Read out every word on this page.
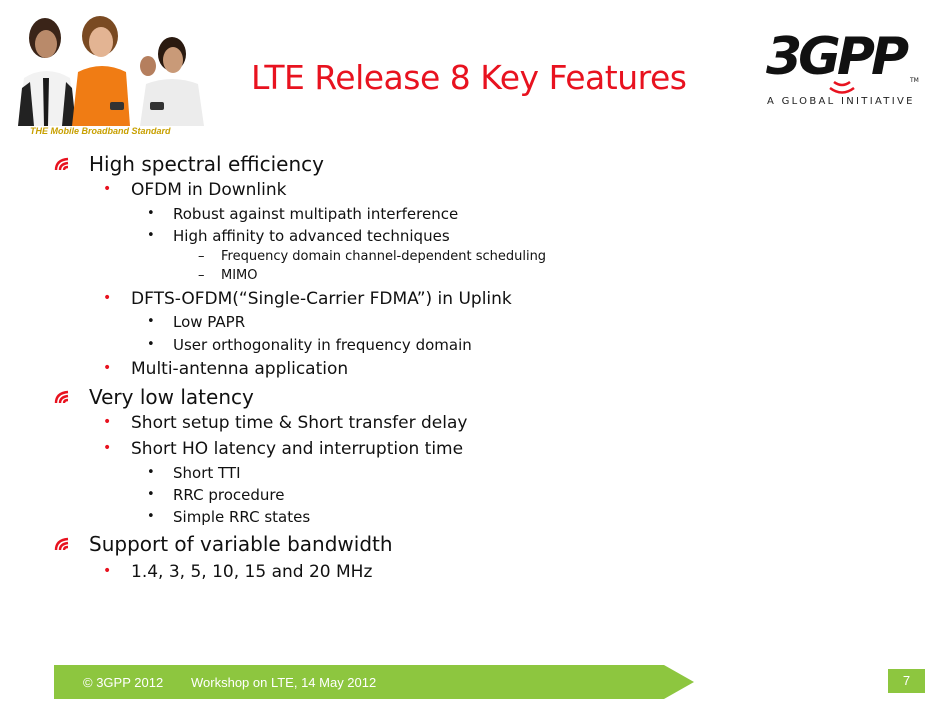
THE Mobile Broadband Standard
LTE Release 8 Key Features 3GPP TM
A GLOBAL INITIATIVE
High spectral efficiency
• OFDM in Downlink
• Robust against multipath interference
• High affinity to advanced techniques
– Frequency domain channel-dependent scheduling
– MIMO
• DFTS-OFDM(“Single-Carrier FDMA”) in Uplink
• Low PAPR
• User orthogonality in frequency domain
• Multi-antenna application
Very low latency
• Short setup time & Short transfer delay
• Short HO latency and interruption time
• Short TTI
• RRC procedure
• Simple RRC states
Support of variable bandwidth
• 1.4, 3, 5, 10, 15 and 20 MHz
© 3GPP 2012 Workshop on LTE, 14 May 2012	7
